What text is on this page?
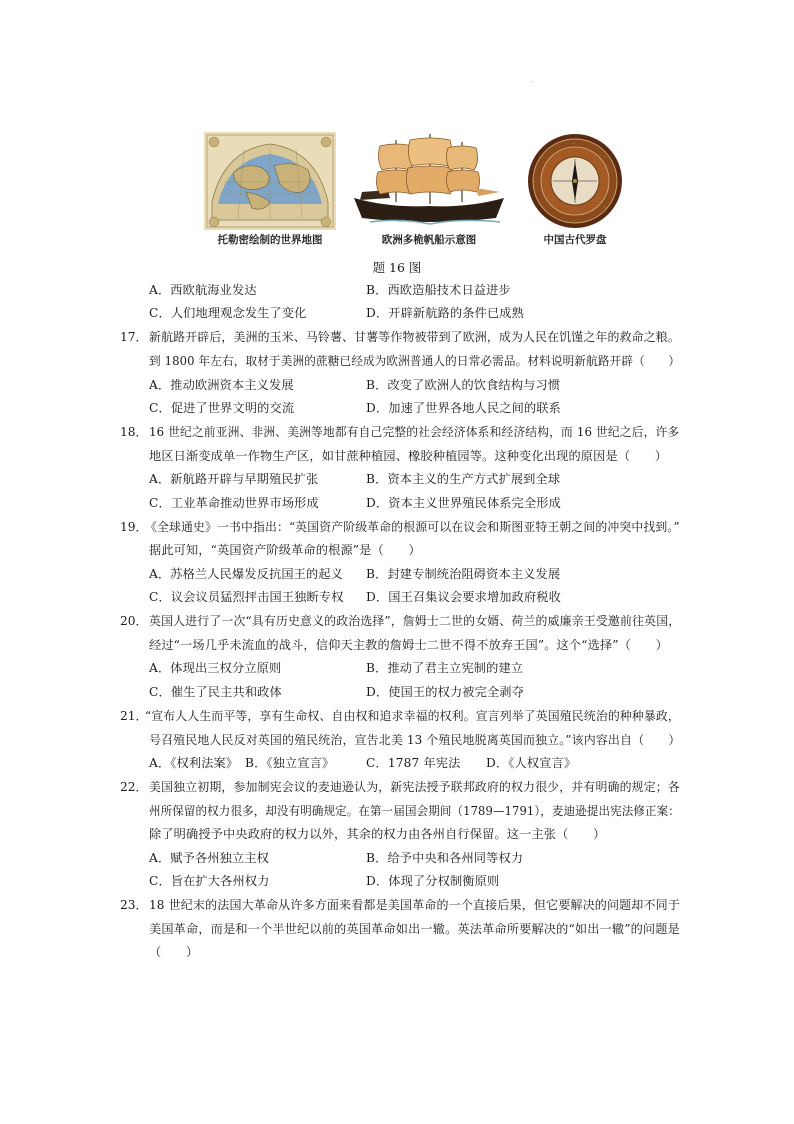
·
托勒密绘制的世界地图	欧洲多桅帆船示意图
·
·
·
·
·
·
·
·
中国古代罗盘
题 16 图
A．西欧航海业发达	B．西欧造船技术日益进步
C．人们地理观念发生了变化	D．开辟新航路的条件已成熟
17． 新航路开辟后，美洲的玉米、马铃薯、甘薯等作物被带到了欧洲，成为人民在饥馑之年的救命之粮。
到 1800 年左右，取材于美洲的蔗糖已经成为欧洲普通人的日常必需品。材料说明新航路开辟（　　）
A．推动欧洲资本主义发展	B．改变了欧洲人的饮食结构与习惯
C．促进了世界文明的交流	D．加速了世界各地人民之间的联系
18． 16 世纪之前亚洲、非洲、美洲等地都有自己完整的社会经济体系和经济结构，而 16 世纪之后，许多
地区日渐变成单一作物生产区，如甘蔗种植园、橡胶种植园等。这种变化出现的原因是（　　）
A．新航路开辟与早期殖民扩张	B．资本主义的生产方式扩展到全球
C．工业革命推动世界市场形成	D．资本主义世界殖民体系完全形成
19．
《全球通史》一书中指出：“英国资产阶级革命的根源可以在议会和斯图亚特王朝之间的冲突中找到。”
据此可知，“英国资产阶级革命的根源”是（　　）
A．苏格兰人民爆发反抗国王的起义 B．封建专制统治阻碍资本主义发展
C．议会议员猛烈抨击国王独断专权 D．国王召集议会要求增加政府税收
20． 英国人进行了一次“具有历史意义的政治选择”，詹姆士二世的女婿、荷兰的威廉亲王受邀前往英国，
经过“一场几乎未流血的战斗，信仰天主教的詹姆士二世不得不放弃王国”。这个“选择”（　　）
A．体现出三权分立原则	B．推动了君主立宪制的建立
C．催生了民主共和政体	D．使国王的权力被完全剥夺
21．
“宣布人人生而平等，享有生命权、自由权和追求幸福的权利。宣言列举了英国殖民统治的种种暴政，
号召殖民地人民反对英国的殖民统治，宣告北美 13 个殖民地脱离英国而独立。”该内容出自（　　）
A．《权利法案》 B．《独立宣言》	C．1787 年宪法 D．《人权宣言》
22． 美国独立初期，参加制宪会议的麦迪逊认为，新宪法授予联邦政府的权力很少，并有明确的规定；各
州所保留的权力很多，却没有明确规定。在第一届国会期间（1789—1791），麦迪逊提出宪法修正案：
除了明确授予中央政府的权力以外，其余的权力由各州自行保留。这一主张（　　）
A．赋予各州独立主权	B．给予中央和各州同等权力
C．旨在扩大各州权力	D．体现了分权制衡原则
23． 18 世纪末的法国大革命从许多方面来看都是美国革命的一个直接后果，但它要解决的问题却不同于
美国革命，而是和一个半世纪以前的英国革命如出一辙。英法革命所要解决的“如出一辙”的问题是
（　　）
